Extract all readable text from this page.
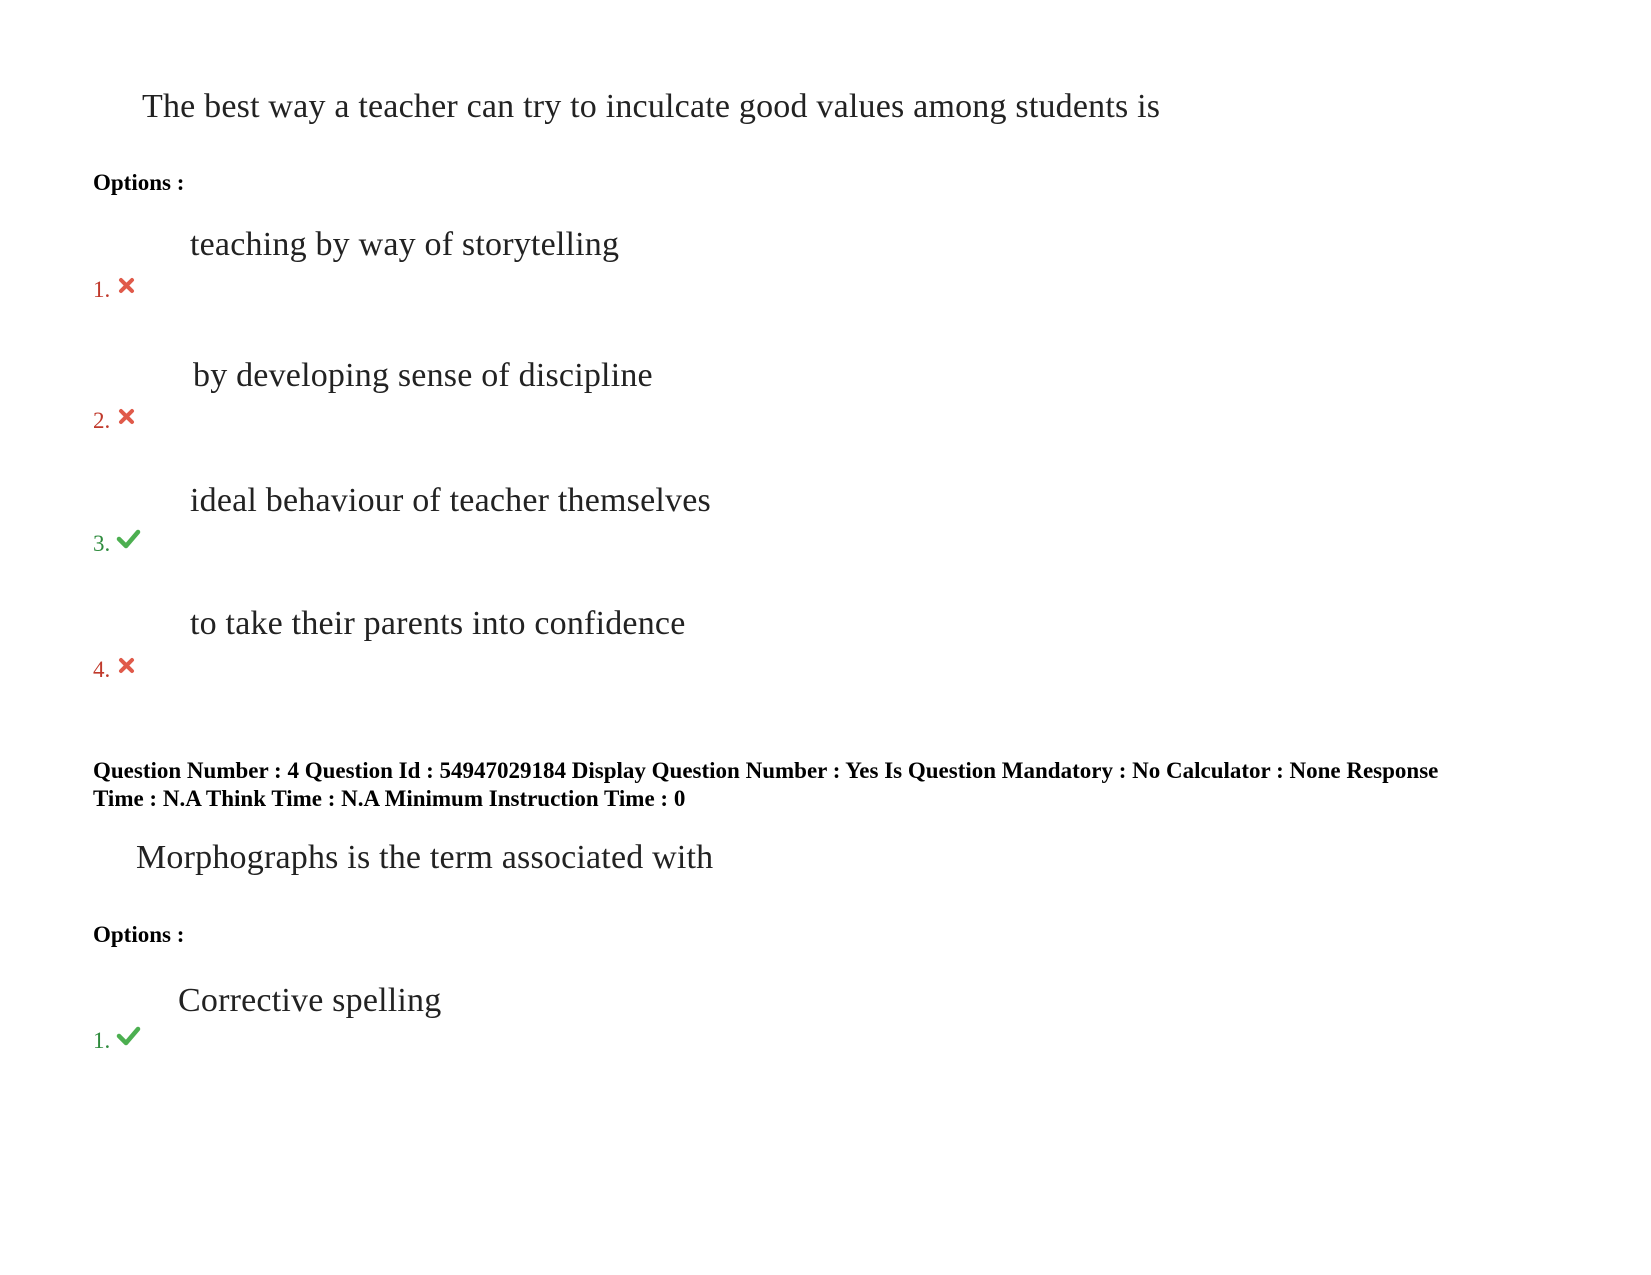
The best way a teacher can try to inculcate good values among students is
Options :
teaching by way of storytelling
1.
by developing sense of discipline
2.
ideal behaviour of teacher themselves
3.
to take their parents into confidence
4.
Question Number : 4 Question Id : 54947029184 Display Question Number : Yes Is Question Mandatory : No Calculator : None Response
Time : N.A Think Time : N.A Minimum Instruction Time : 0
Morphographs is the term associated with
Options :
Corrective spelling
1.
